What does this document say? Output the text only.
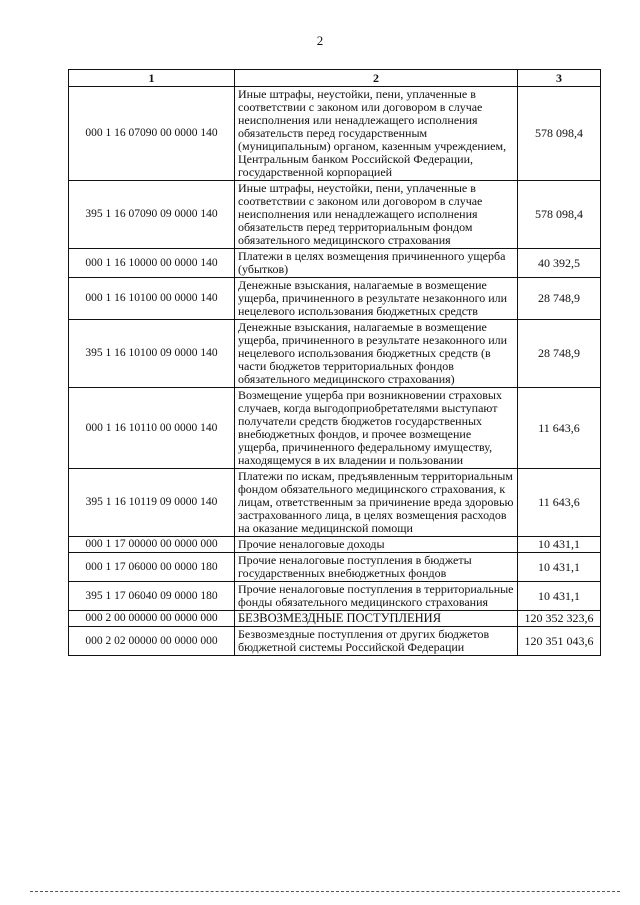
2
1	2	3
000 1 16 07090 00 0000 140	Иные штрафы, неустойки, пени, уплаченные в соответствии с законом или договором в случае неисполнения или ненадлежащего исполнения обязательств перед государственным (муниципальным) органом, казенным учреждением, Центральным банком Российской Федерации, государственной корпорацией	578 098,4
395 1 16 07090 09 0000 140	Иные штрафы, неустойки, пени, уплаченные в соответствии с законом или договором в случае неисполнения или ненадлежащего исполнения обязательств перед территориальным фондом обязательного медицинского страхования	578 098,4
000 1 16 10000 00 0000 140	Платежи в целях возмещения причиненного ущерба (убытков)	40 392,5
000 1 16 10100 00 0000 140	Денежные взыскания, налагаемые в возмещение ущерба, причиненного в результате незаконного или нецелевого использования бюджетных средств	28 748,9
395 1 16 10100 09 0000 140	Денежные взыскания, налагаемые в возмещение ущерба, причиненного в результате незаконного или нецелевого использования бюджетных средств (в части бюджетов территориальных фондов обязательного медицинского страхования)	28 748,9
000 1 16 10110 00 0000 140	Возмещение ущерба при возникновении страховых случаев, когда выгодоприобретателями выступают получатели средств бюджетов государственных внебюджетных фондов, и прочее возмещение ущерба, причиненного федеральному имуществу, находящемуся в их владении и пользовании	11 643,6
395 1 16 10119 09 0000 140	Платежи по искам, предъявленным территориальным фондом обязательного медицинского страхования, к лицам, ответственным за причинение вреда здоровью застрахованного лица, в целях возмещения расходов на оказание медицинской помощи	11 643,6
000 1 17 00000 00 0000 000	Прочие неналоговые доходы	10 431,1
000 1 17 06000 00 0000 180	Прочие неналоговые поступления в бюджеты государственных внебюджетных фондов	10 431,1
395 1 17 06040 09 0000 180	Прочие неналоговые поступления в территориальные фонды обязательного медицинского страхования	10 431,1
000 2 00 00000 00 0000 000	БЕЗВОЗМЕЗДНЫЕ ПОСТУПЛЕНИЯ	120 352 323,6
000 2 02 00000 00 0000 000	Безвозмездные поступления от других бюджетов бюджетной системы Российской Федерации	120 351 043,6
